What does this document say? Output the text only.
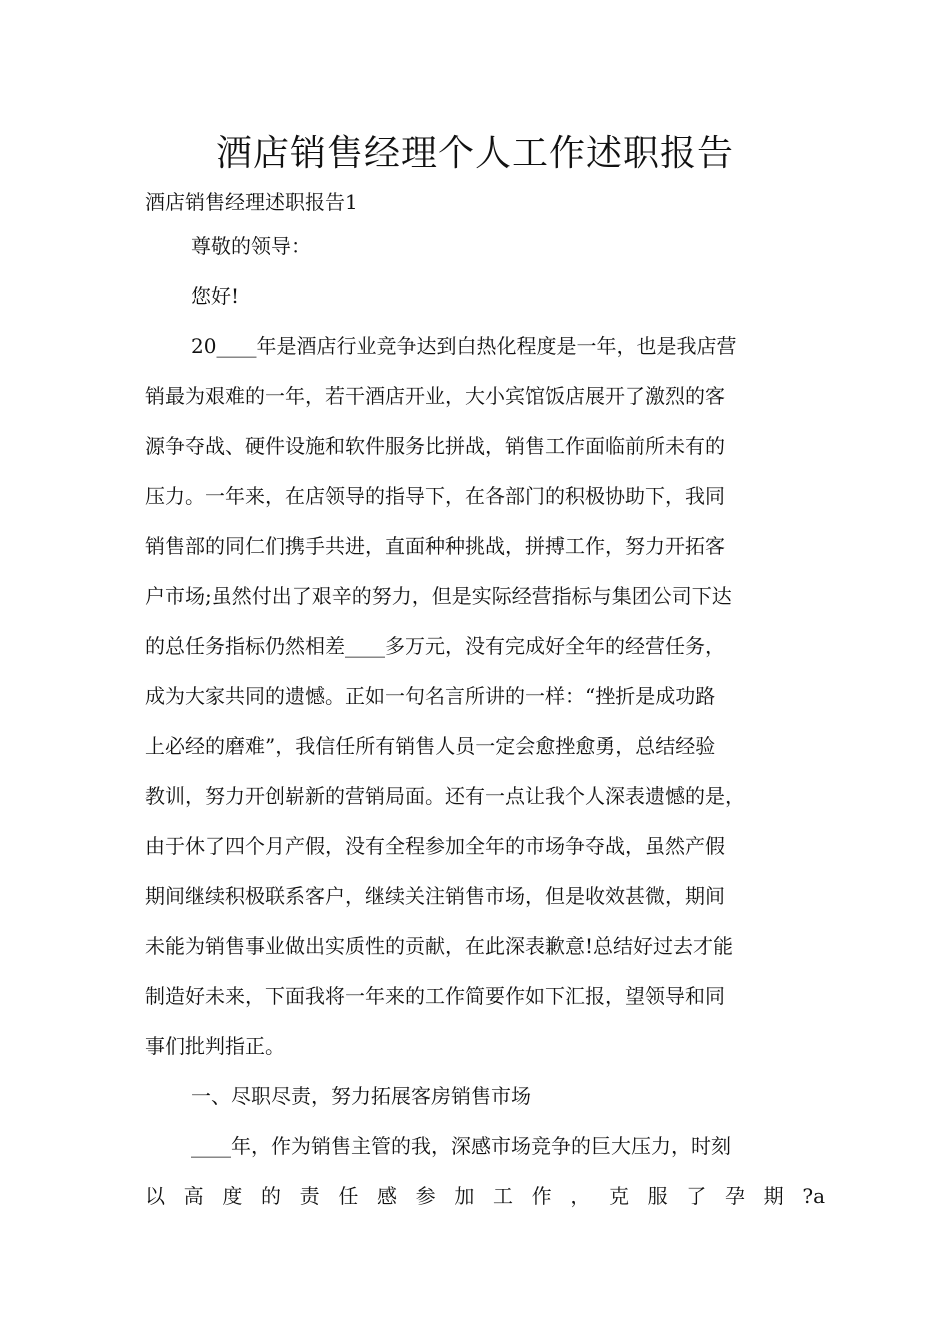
酒店销售经理个人工作述职报告
酒店销售经理述职报告1
尊敬的领导：
您好!
20____年是酒店行业竞争达到白热化程度是一年，也是我店营
销最为艰难的一年，若干酒店开业，大小宾馆饭店展开了激烈的客
源争夺战、硬件设施和软件服务比拼战，销售工作面临前所未有的
压力。一年来，在店领导的指导下，在各部门的积极协助下，我同
销售部的同仁们携手共进，直面种种挑战，拼搏工作，努力开拓客
户市场;虽然付出了艰辛的努力，但是实际经营指标与集团公司下达
的总任务指标仍然相差____多万元，没有完成好全年的经营任务，
成为大家共同的遗憾。正如一句名言所讲的一样：“挫折是成功路
上必经的磨难”，我信任所有销售人员一定会愈挫愈勇，总结经验
教训，努力开创崭新的营销局面。还有一点让我个人深表遗憾的是，
由于休了四个月产假，没有全程参加全年的市场争夺战，虽然产假
期间继续积极联系客户，继续关注销售市场，但是收效甚微，期间
未能为销售事业做出实质性的贡献，在此深表歉意!总结好过去才能
制造好未来，下面我将一年来的工作简要作如下汇报，望领导和同
事们批判指正。
一、尽职尽责，努力拓展客房销售市场
____年，作为销售主管的我，深感市场竞争的巨大压力，时刻
以高度的责任感参加工作，克服了孕期?a
